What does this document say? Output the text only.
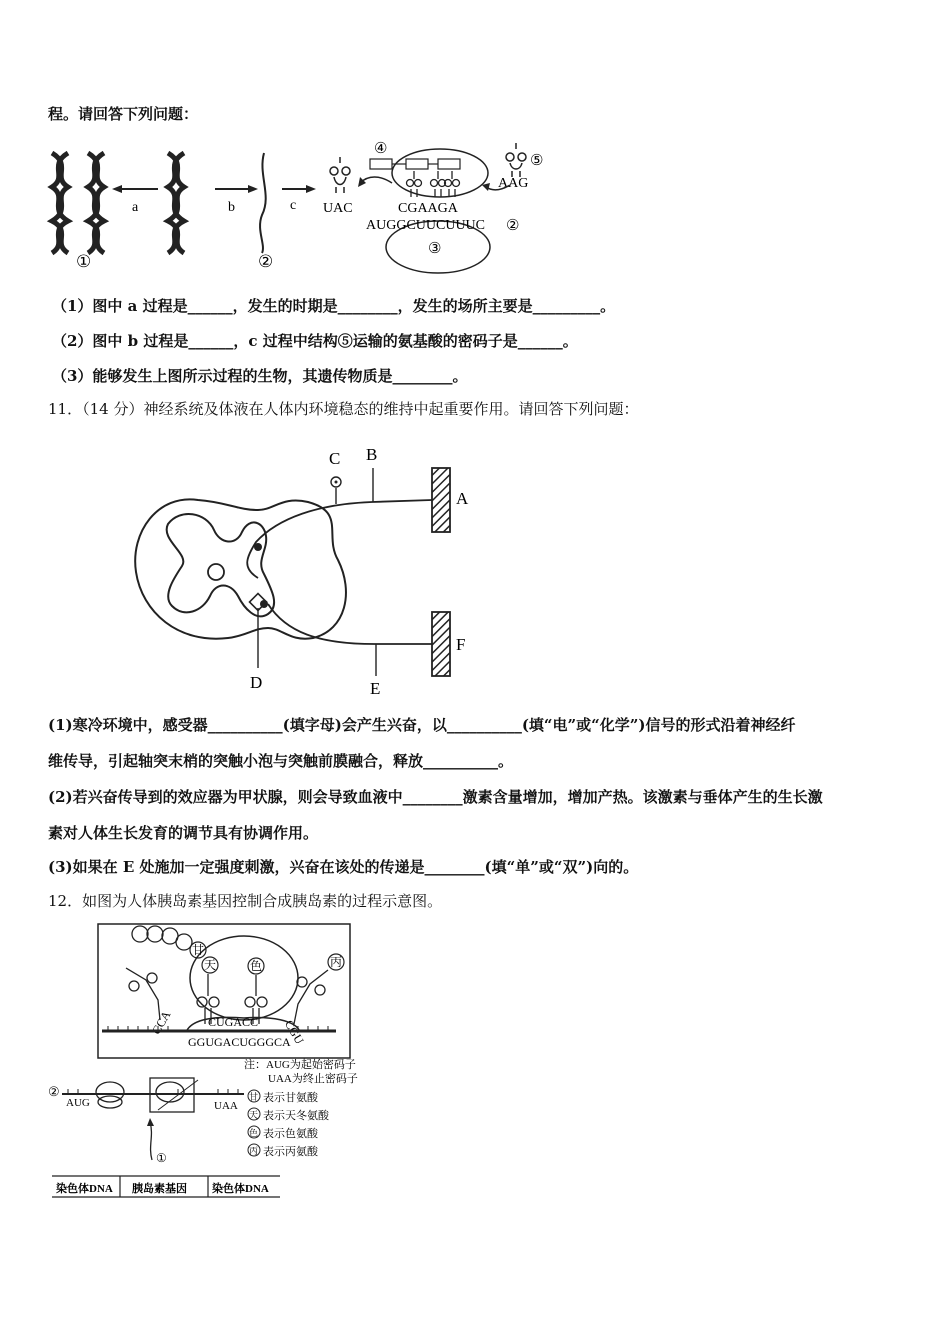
程。请回答下列问题：
a	b	c UAC
④
CGAAGA
AUGGCUUCUUUC ②
③
⑤
AAG
①	②
（1）图中 a 过程是______，发生的时期是________，发生的场所主要是_________。
（2）图中 b 过程是______，c 过程中结构⑤运输的氨基酸的密码子是______。
（3）能够发生上图所示过程的生物，其遗传物质是________。
11．（14 分）神经系统及体液在人体内环境稳态的维持中起重要作用。请回答下列问题：
B
C
A
F
E
D
(1)寒冷环境中，感受器__________(填字母)会产生兴奋，以__________(填“电”或“化学”)信号的形式沿着神经纤
维传导，引起轴突末梢的突触小泡与突触前膜融合，释放__________。
(2)若兴奋传导到的效应器为甲状腺，则会导致血液中________激素含量增加，增加产热。该激素与垂体产生的生长激
素对人体生长发育的调节具有协调作用。
(3)如果在 E 处施加一定强度刺激，兴奋在该处的传递是________(填“单”或“双”)向的。
12．如图为人体胰岛素基因控制合成胰岛素的过程示意图。
甘
天	色	丙
CCA	CGU
CUGACC
GGUGACUGGGCA
②
AUG	UAA
①
注：AUG为起始密码子
UAA为终止密码子
甘 表示甘氨酸
天 表示天冬氨酸
色 表示色氨酸
丙 表示丙氨酸
染色体DNA 胰岛素基因 染色体DNA
